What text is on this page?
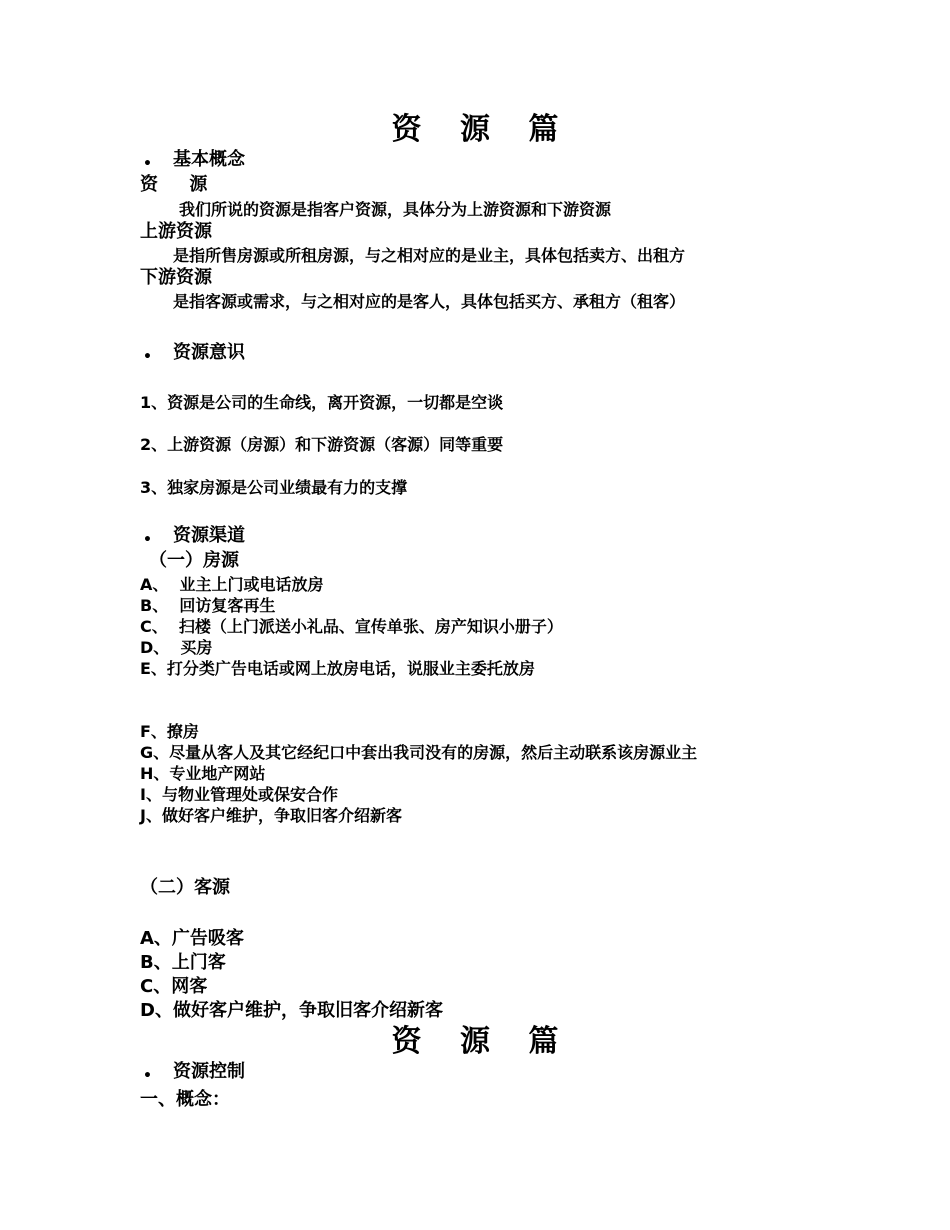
资 源 篇
• 基本概念
资     源
我们所说的资源是指客户资源，具体分为上游资源和下游资源
上游资源
是指所售房源或所租房源，与之相对应的是业主，具体包括卖方、出租方
下游资源
是指客源或需求，与之相对应的是客人，具体包括买方、承租方（租客）
• 资源意识
1、资源是公司的生命线，离开资源，一切都是空谈
2、上游资源（房源）和下游资源（客源）同等重要
3、独家房源是公司业绩最有力的支撑
• 资源渠道
（一）房源
A、  业主上门或电话放房
B、  回访复客再生
C、  扫楼（上门派送小礼品、宣传单张、房产知识小册子）
D、  买房
E、打分类广告电话或网上放房电话，说服业主委托放房
F、撩房
G、尽量从客人及其它经纪口中套出我司没有的房源，然后主动联系该房源业主
H、专业地产网站
I、与物业管理处或保安合作
J、做好客户维护，争取旧客介绍新客
（二）客源
A、广告吸客
B、上门客
C、网客
D、做好客户维护，争取旧客介绍新客
资 源 篇
• 资源控制
一、概念：
